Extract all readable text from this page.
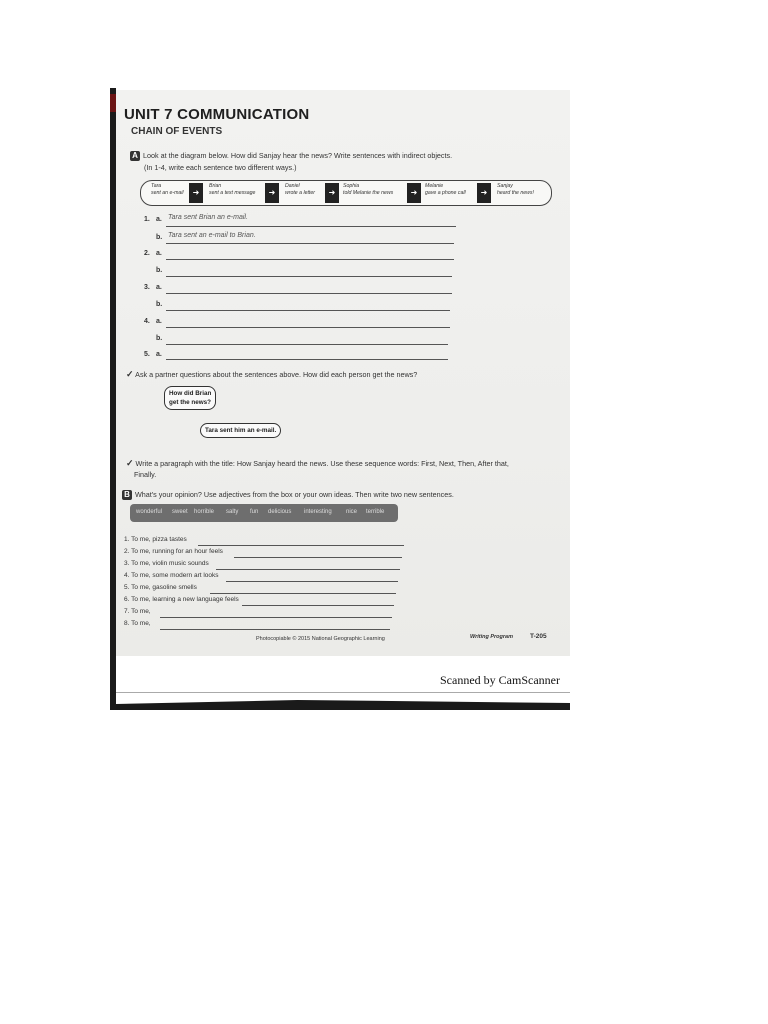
UNIT 7 COMMUNICATION
CHAIN OF EVENTS
A Look at the diagram below. How did Sanjay hear the news? Write sentences with indirect objects.
(In 1-4, write each sentence two different ways.)
Tara
sent an e-mail	➜
Brian
sent a text message	➜
Daniel
wrote a letter	➜
Sophia
told Melanie the news	➜
Melanie
gave a phone call	➜
Sanjay
heard the news!
1. a. Tara sent Brian an e-mail.
b. Tara sent an e-mail to Brian.
2. a.
b.
3. a.
b.
4. a.
b.
5. a.
✓ Ask a partner questions about the sentences above. How did each person get the news?
How did Brian
get the news?
Tara sent him an e-mail.
✓ Write a paragraph with the title: How Sanjay heard the news. Use these sequence words: First, Next, Then, After that,
Finally.
B What's your opinion? Use adjectives from the box or your own ideas. Then write two new sentences.
wonderful sweet horrible salty fun delicious interesting nice terrible
1. To me, pizza tastes
2. To me, running for an hour feels
3. To me, violin music sounds
4. To me, some modern art looks
5. To me, gasoline smells
6. To me, learning a new language feels
7. To me,
8. To me,
Photocopiable © 2015 National Geographic Learning	Writing Program	T-205
Scanned by CamScanner
